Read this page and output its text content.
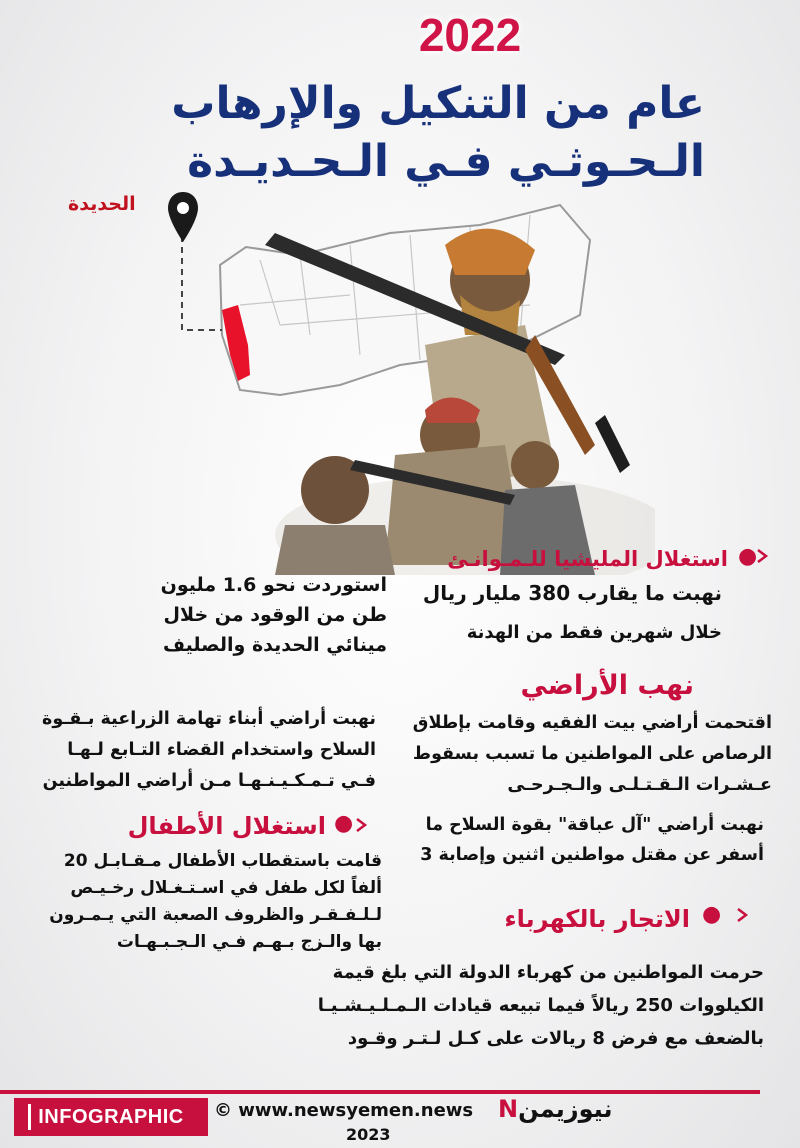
2022
عام من التنكيل والإرهاب
الـحـوثـي فـي الـحـديـدة
الحديدة
●
استغلال المليشيا للـمـوانـئ
نهبت ما يقارب 380 مليار ريال
خلال شهرين فقط من الهدنة
استوردت نحو 1.6 مليون
طن من الوقود من خلال
مينائي الحديدة والصليف
نهب الأراضي
اقتحمت أراضي بيت الفقيه وقامت بإطلاق
الرصاص على المواطنين ما تسبب بسقوط
عـشـرات الـقـتـلـى والـجـرحـى
نهبت أراضي "آل عباقة" بقوة السلاح ما
أسفر عن مقتل مواطنين اثنين وإصابة 3
نهبت أراضي أبناء تهامة الزراعية بـقـوة
السلاح واستخدام القضاء التـابع لـهـا
فـي تـمـكـيـنـهـا مـن أراضي المواطنين
●
استغلال الأطفال
قامت باستقطاب الأطفال مـقـابـل 20
ألفاً لكل طفل في اسـتـغـلال رخـيـص
لـلـفـقـر والظروف الصعبة التي يـمـرون
بها والـزج بـهـم فـي الـجـبـهـات
●
الاتجار بالكهرباء
حرمت المواطنين من كهرباء الدولة التي بلغ قيمة
الكيلووات 250 ريالاً فيما تبيعه قيادات الـمـلـيـشـيـا
بالضعف مع فرض 8 ريالات على كـل لـتـر وقـود
INFOGRAPHIC	© www.newsyemen.news
2023
نيوزيمنN
